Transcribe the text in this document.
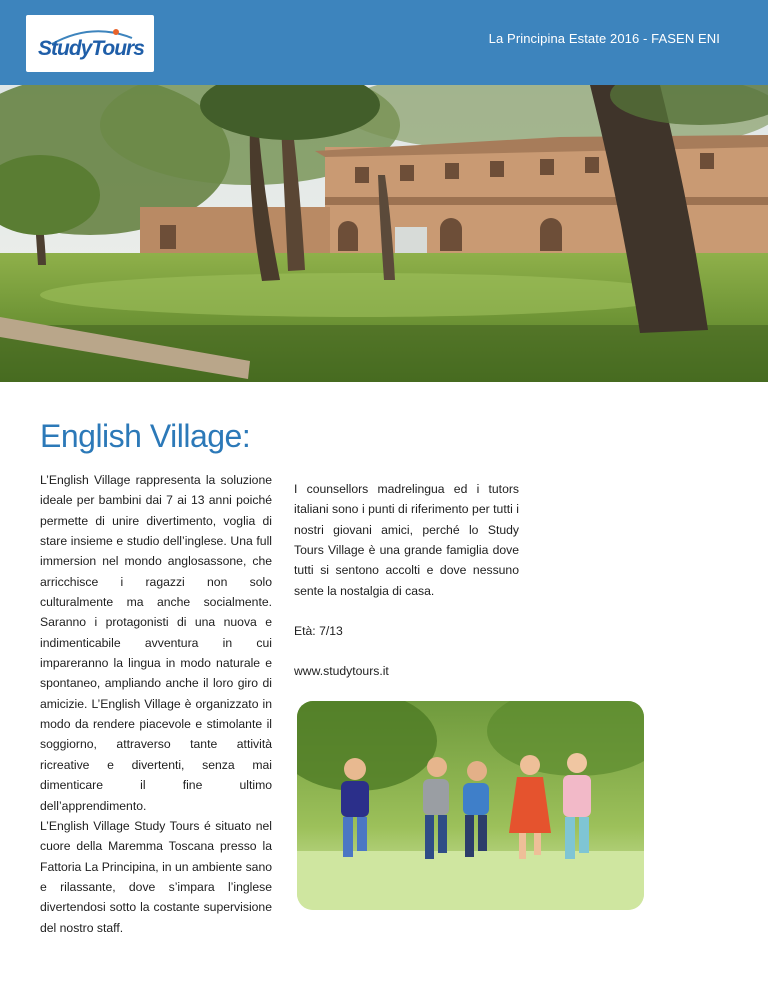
StudyTours	La Principina Estate 2016 - FASEN ENI
English Village:

L’English Village rappresenta la soluzione ideale per bambini dai 7 ai 13 anni poiché permette di unire divertimento, voglia di stare insieme e studio dell’inglese. Una full immersion nel mondo anglosassone, che arricchisce i ragazzi non solo culturalmente ma anche socialmente. Saranno i protagonisti di una nuova e indimenticabile avventura in cui impareranno la lingua in modo naturale e spontaneo, ampliando anche il loro giro di amicizie. L’English Village è organizzato in modo da rendere piacevole e stimolante il soggiorno, attraverso tante attività ricreative e divertenti, senza mai dimenticare il fine ultimo dell’apprendimento.

L’English Village Study Tours é situato nel cuore della Maremma Toscana presso la Fattoria La Principina, in un ambiente sano e rilassante, dove s’impara l’inglese divertendosi sotto la costante supervisione del nostro staff.

I counsellors madrelingua ed i tutors italiani sono i punti di riferimento per tutti i nostri giovani amici, perché lo Study Tours Village è una grande famiglia dove tutti si sentono accolti e dove nessuno sente la nostalgia di casa.

Età: 7/13

www.studytours.it
